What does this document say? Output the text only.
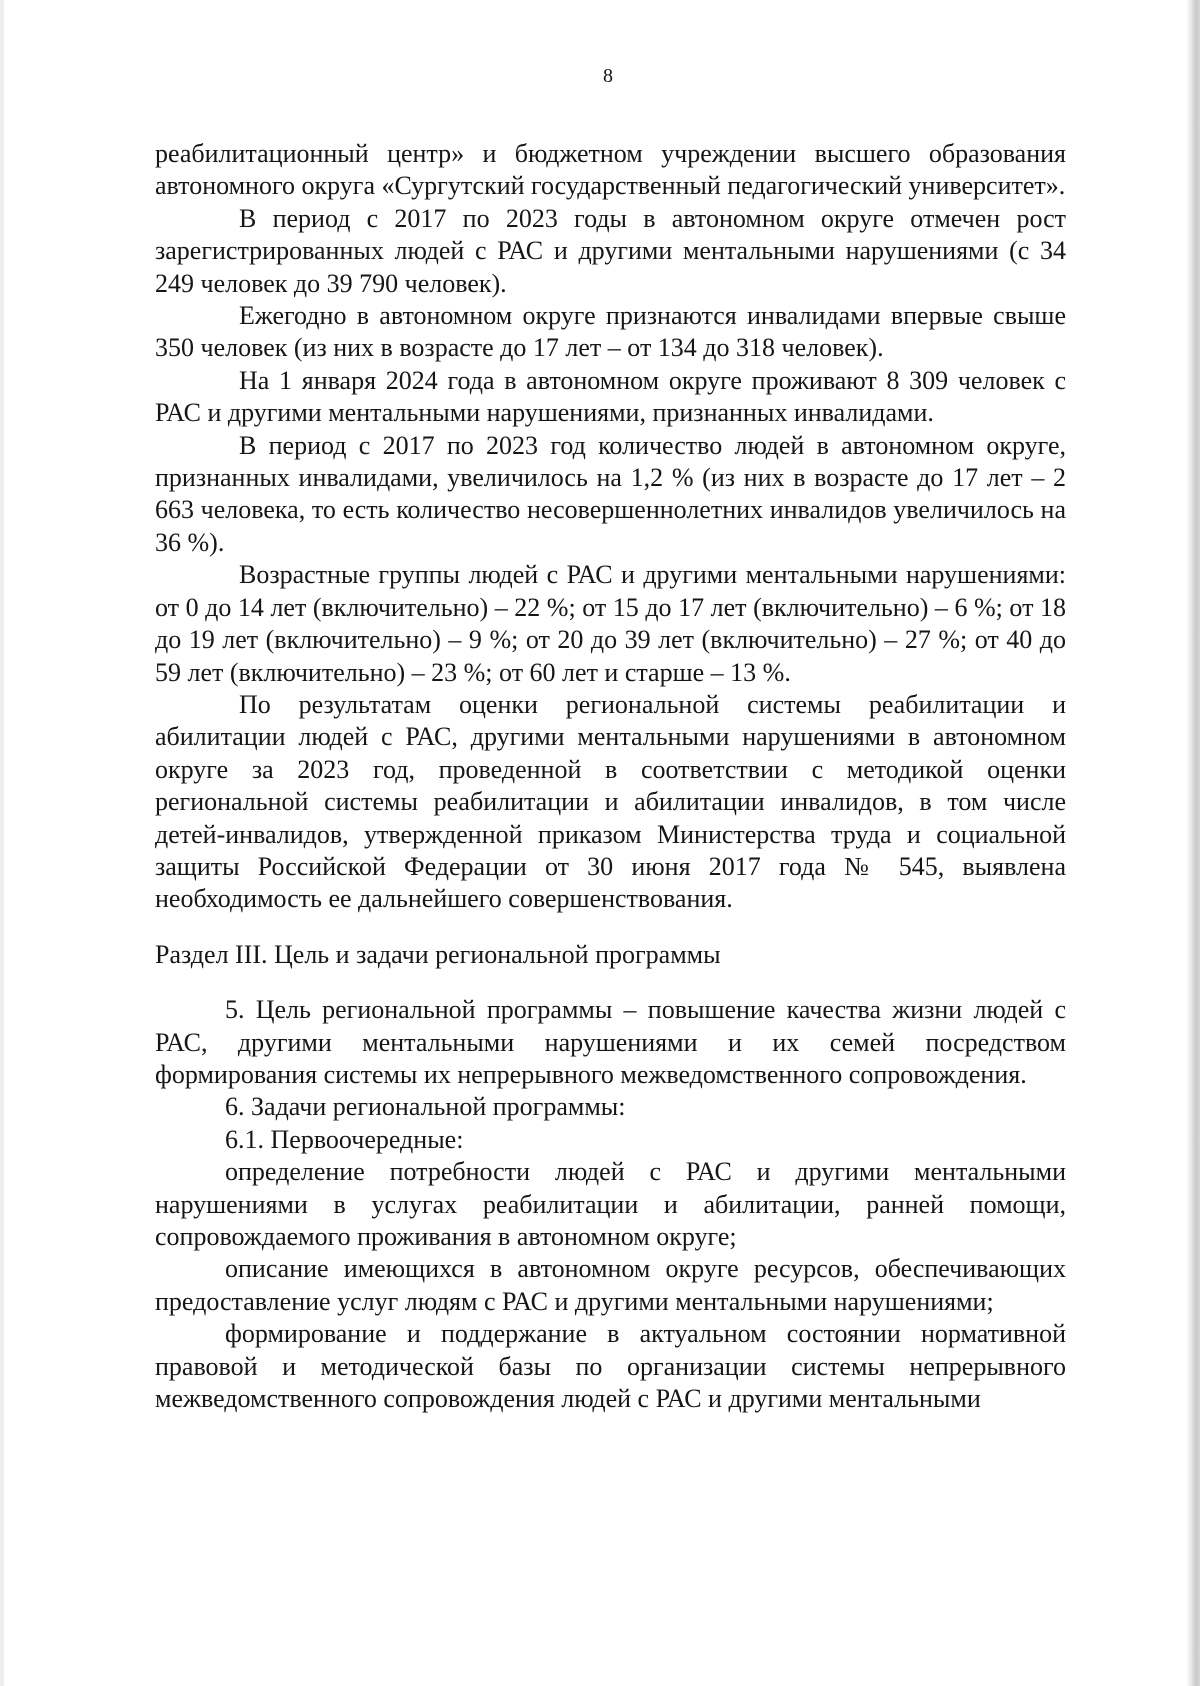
8

реабилитационный центр» и бюджетном учреждении высшего образования автономного округа «Сургутский государственный педагогический университет».

В период с 2017 по 2023 годы в автономном округе отмечен рост зарегистрированных людей с РАС и другими ментальными нарушениями (с 34 249 человек до 39 790 человек).

Ежегодно в автономном округе признаются инвалидами впервые свыше 350 человек (из них в возрасте до 17 лет – от 134 до 318 человек).

На 1 января 2024 года в автономном округе проживают 8 309 человек с РАС и другими ментальными нарушениями, признанных инвалидами.

В период с 2017 по 2023 год количество людей в автономном округе, признанных инвалидами, увеличилось на 1,2 % (из них в возрасте до 17 лет – 2 663 человека, то есть количество несовершеннолетних инвалидов увеличилось на 36 %).

Возрастные группы людей с РАС и другими ментальными нарушениями: от 0 до 14 лет (включительно) – 22 %; от 15 до 17 лет (включительно) – 6 %; от 18 до 19 лет (включительно) – 9 %; от 20 до 39 лет (включительно) – 27 %; от 40 до 59 лет (включительно) – 23 %; от 60 лет и старше – 13 %.

По результатам оценки региональной системы реабилитации и абилитации людей с РАС, другими ментальными нарушениями в автономном округе за 2023 год, проведенной в соответствии с методикой оценки региональной системы реабилитации и абилитации инвалидов, в том числе детей-инвалидов, утвержденной приказом Министерства труда и социальной защиты Российской Федерации от 30 июня 2017 года № 545, выявлена необходимость ее дальнейшего совершенствования.

Раздел III. Цель и задачи региональной программы

5. Цель региональной программы – повышение качества жизни людей с РАС, другими ментальными нарушениями и их семей посредством формирования системы их непрерывного межведомственного сопровождения.

6. Задачи региональной программы:

6.1. Первоочередные:

определение потребности людей с РАС и другими ментальными нарушениями в услугах реабилитации и абилитации, ранней помощи, сопровождаемого проживания в автономном округе;

описание имеющихся в автономном округе ресурсов, обеспечивающих предоставление услуг людям с РАС и другими ментальными нарушениями;

формирование и поддержание в актуальном состоянии нормативной правовой и методической базы по организации системы непрерывного межведомственного сопровождения людей с РАС и другими ментальными
